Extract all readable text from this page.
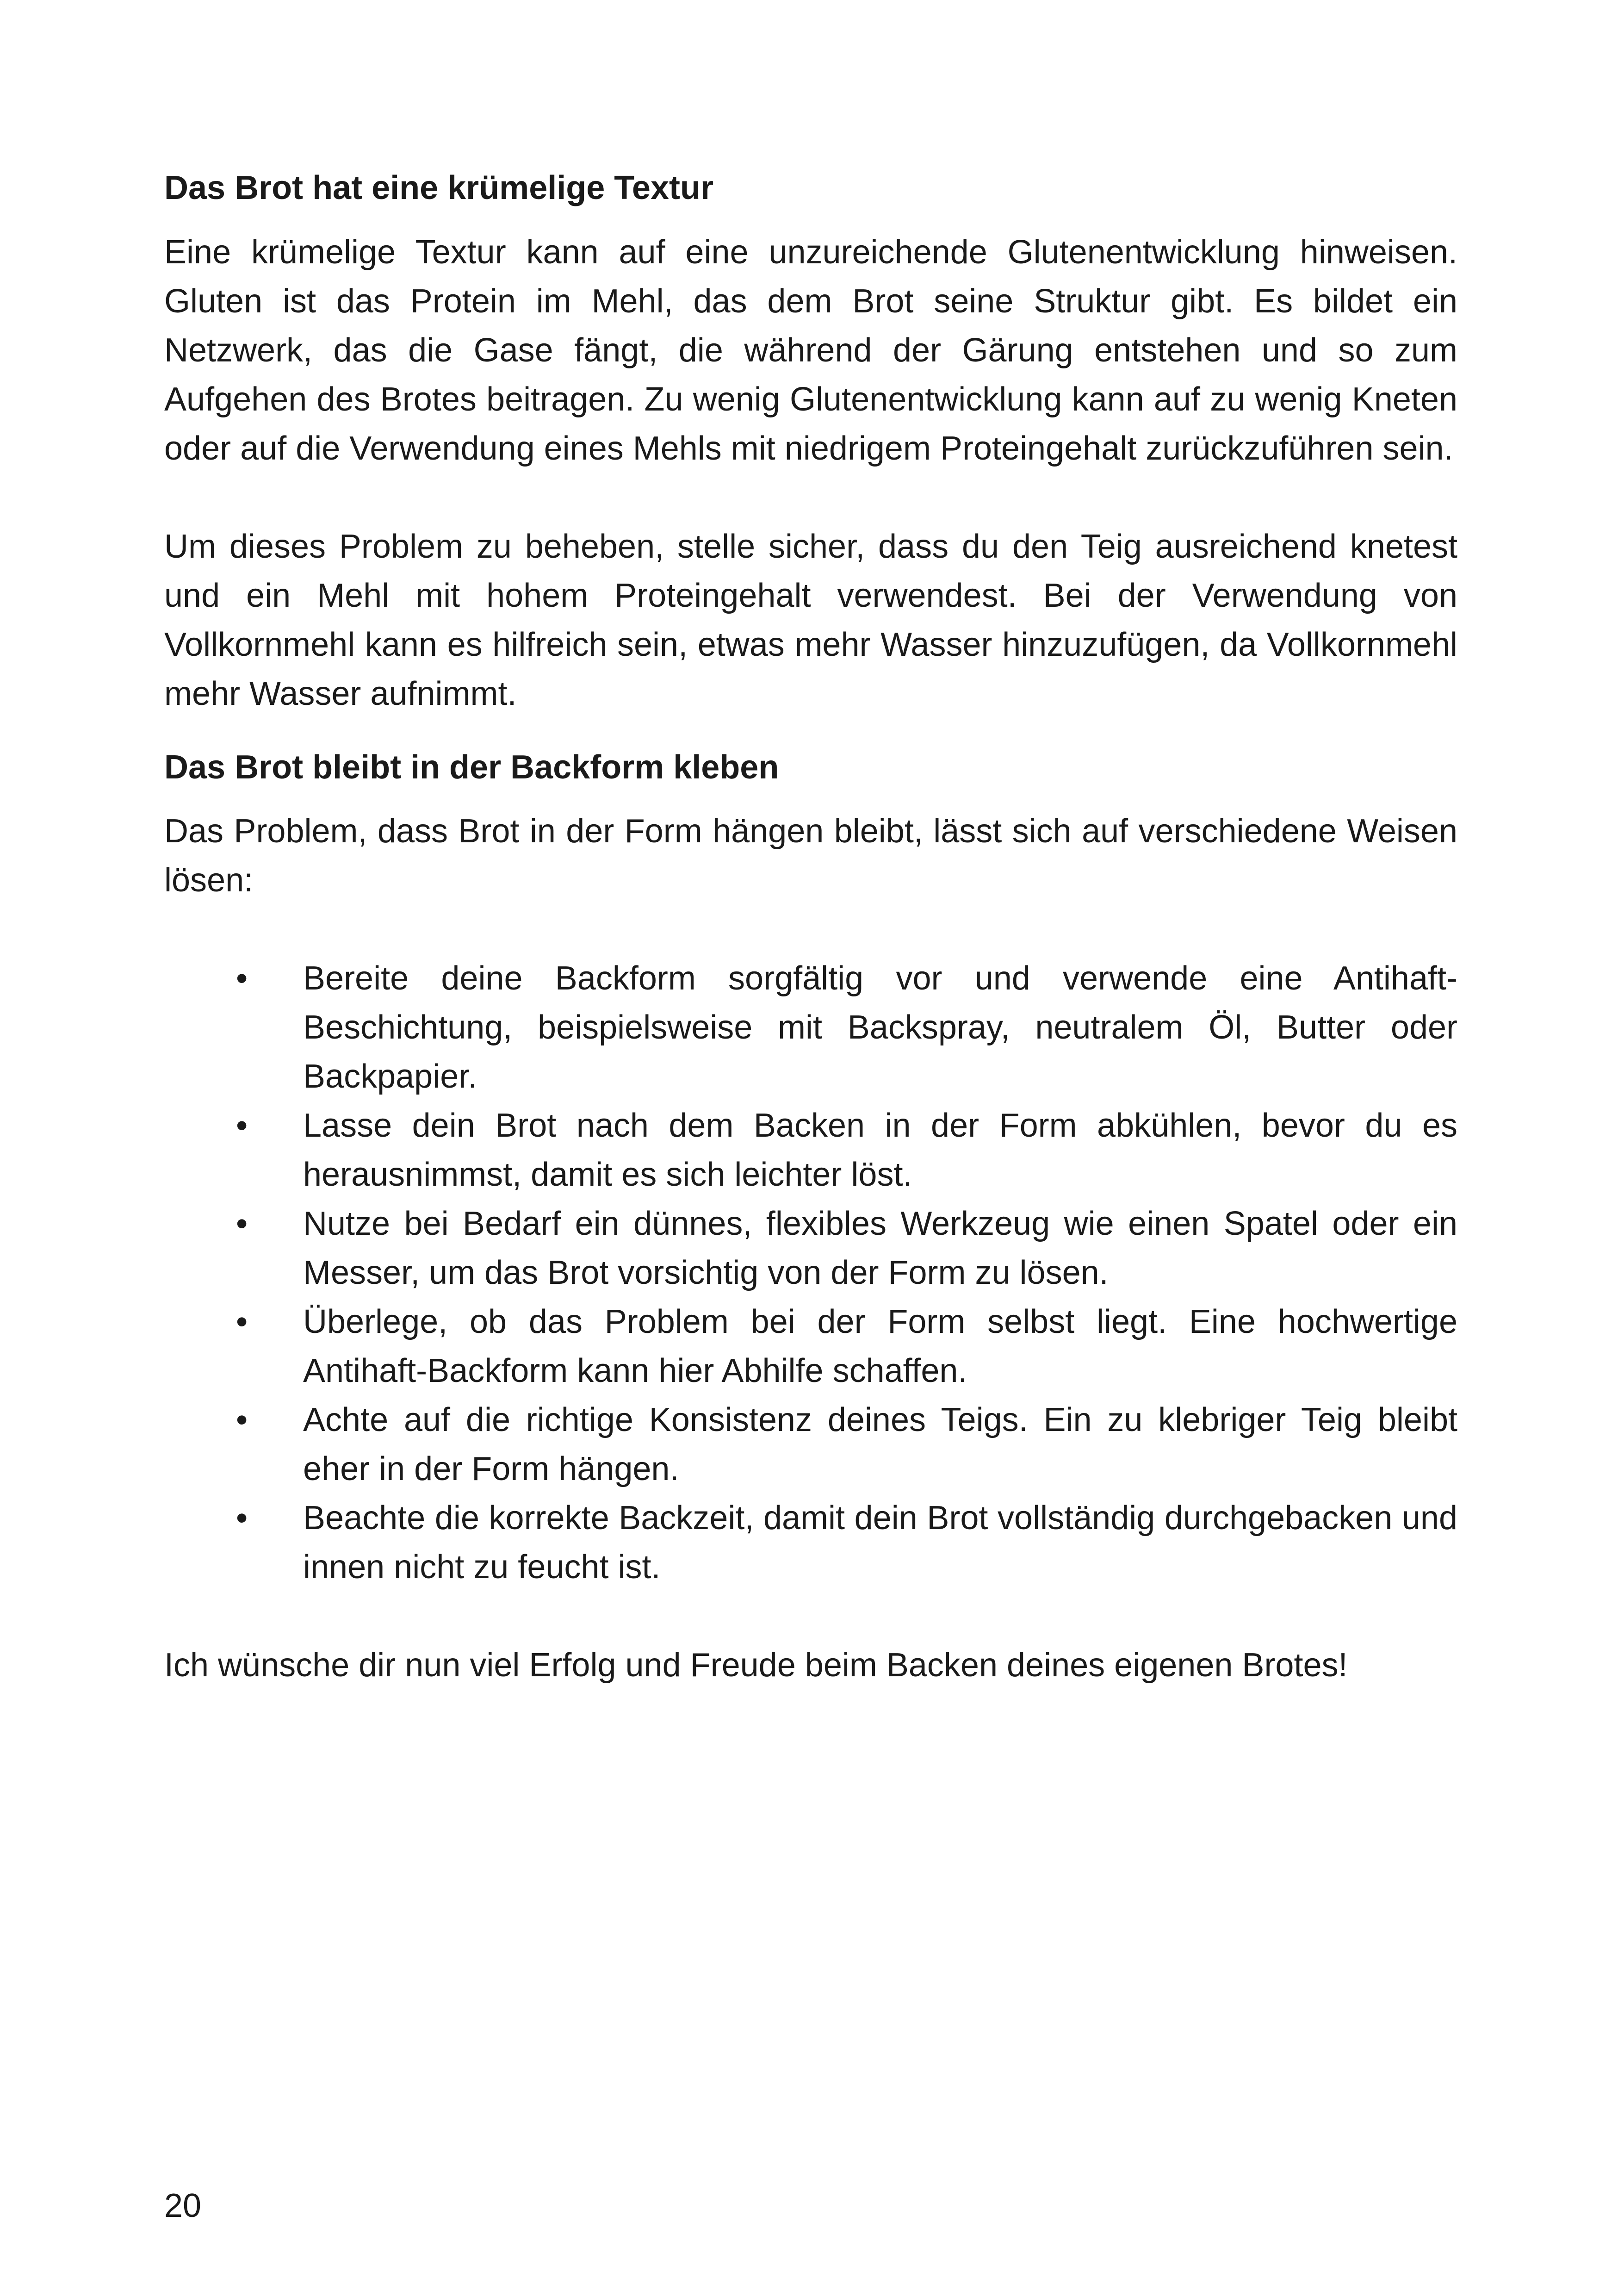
Das Brot hat eine krümelige Textur

Eine krümelige Textur kann auf eine unzureichende Glutenentwicklung hinweisen. Gluten ist das Protein im Mehl, das dem Brot seine Struktur gibt. Es bildet ein Netzwerk, das die Gase fängt, die während der Gärung entstehen und so zum Aufgehen des Brotes beitragen. Zu wenig Glutenentwicklung kann auf zu wenig Kneten oder auf die Verwendung eines Mehls mit niedrigem Proteingehalt zurückzuführen sein.

Um dieses Problem zu beheben, stelle sicher, dass du den Teig ausreichend knetest und ein Mehl mit hohem Proteingehalt verwendest. Bei der Verwendung von Vollkornmehl kann es hilfreich sein, etwas mehr Wasser hinzuzufügen, da Vollkornmehl mehr Wasser aufnimmt.

Das Brot bleibt in der Backform kleben

Das Problem, dass Brot in der Form hängen bleibt, lässt sich auf verschiedene Weisen lösen:

• Bereite deine Backform sorgfältig vor und verwende eine Antihaft-Beschichtung, beispielsweise mit Backspray, neutralem Öl, Butter oder Backpapier.
• Lasse dein Brot nach dem Backen in der Form abkühlen, bevor du es herausnimmst, damit es sich leichter löst.
• Nutze bei Bedarf ein dünnes, flexibles Werkzeug wie einen Spatel oder ein Messer, um das Brot vorsichtig von der Form zu lösen.
• Überlege, ob das Problem bei der Form selbst liegt. Eine hochwertige Antihaft-Backform kann hier Abhilfe schaffen.
• Achte auf die richtige Konsistenz deines Teigs. Ein zu klebriger Teig bleibt eher in der Form hängen.
• Beachte die korrekte Backzeit, damit dein Brot vollständig durchgebacken und innen nicht zu feucht ist.

Ich wünsche dir nun viel Erfolg und Freude beim Backen deines eigenen Brotes!

20
